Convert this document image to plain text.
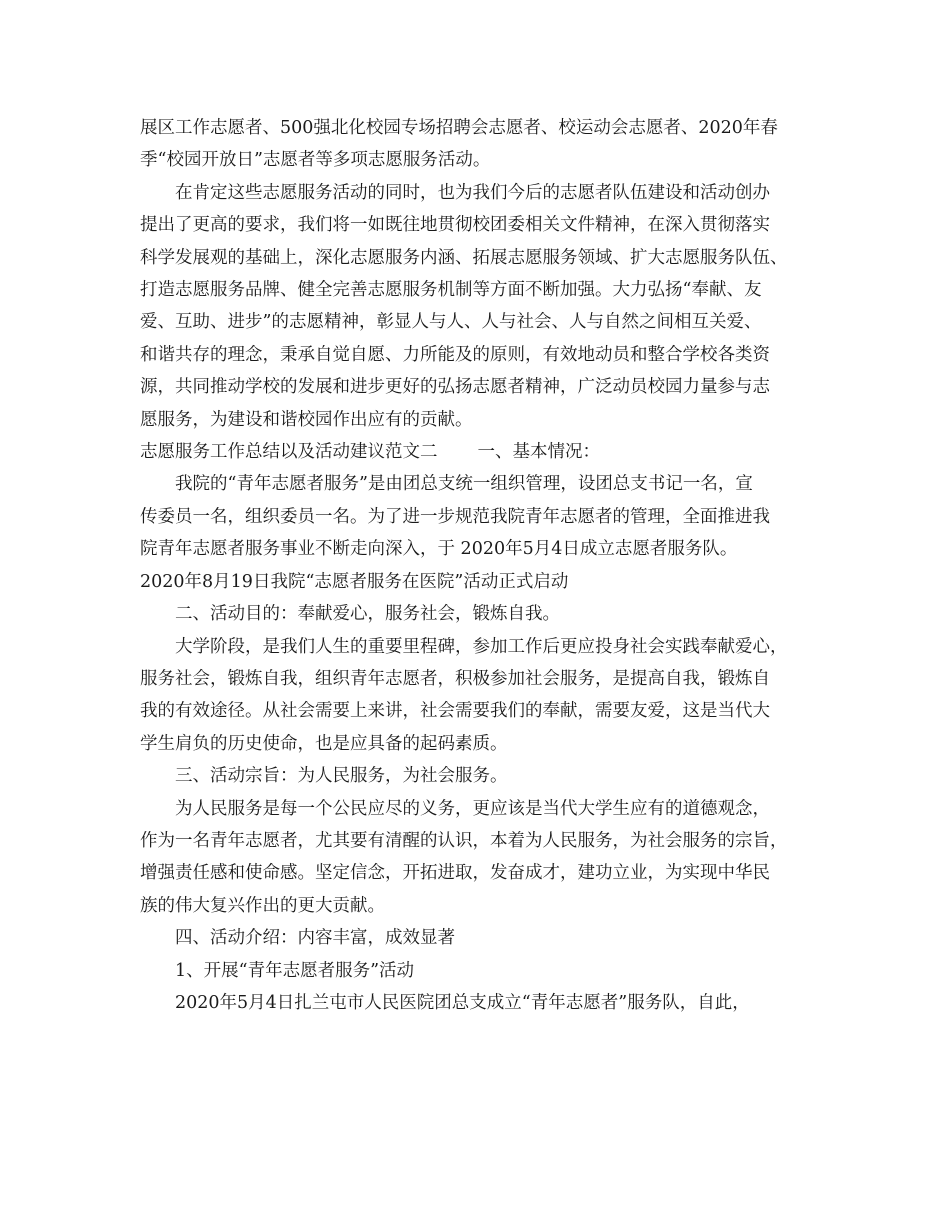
展区工作志愿者、500强北化校园专场招聘会志愿者、校运动会志愿者、2020年春

季“校园开放日”志愿者等多项志愿服务活动。

在肯定这些志愿服务活动的同时，也为我们今后的志愿者队伍建设和活动创办

提出了更高的要求，我们将一如既往地贯彻校团委相关文件精神，在深入贯彻落实

科学发展观的基础上，深化志愿服务内涵、拓展志愿服务领域、扩大志愿服务队伍、

打造志愿服务品牌、健全完善志愿服务机制等方面不断加强。大力弘扬“奉献、友

爱、互助、进步”的志愿精神，彰显人与人、人与社会、人与自然之间相互关爱、

和谐共存的理念，秉承自觉自愿、力所能及的原则，有效地动员和整合学校各类资

源，共同推动学校的发展和进步更好的弘扬志愿者精神，广泛动员校园力量参与志

愿服务，为建设和谐校园作出应有的贡献。

志愿服务工作总结以及活动建议范文二 一、基本情况：

我院的“青年志愿者服务”是由团总支统一组织管理，设团总支书记一名，宣

传委员一名，组织委员一名。为了进一步规范我院青年志愿者的管理，全面推进我

院青年志愿者服务事业不断走向深入，于 2020年5月4日成立志愿者服务队。

2020年8月19日我院“志愿者服务在医院”活动正式启动

二、活动目的：奉献爱心，服务社会，锻炼自我。

大学阶段，是我们人生的重要里程碑，参加工作后更应投身社会实践奉献爱心，

服务社会，锻炼自我，组织青年志愿者，积极参加社会服务，是提高自我，锻炼自

我的有效途径。从社会需要上来讲，社会需要我们的奉献，需要友爱，这是当代大

学生肩负的历史使命，也是应具备的起码素质。

三、活动宗旨：为人民服务，为社会服务。

为人民服务是每一个公民应尽的义务，更应该是当代大学生应有的道德观念，

作为一名青年志愿者，尤其要有清醒的认识，本着为人民服务，为社会服务的宗旨，

增强责任感和使命感。坚定信念，开拓进取，发奋成才，建功立业，为实现中华民

族的伟大复兴作出的更大贡献。

四、活动介绍：内容丰富，成效显著

1、开展“青年志愿者服务”活动

2020年5月4日扎兰屯市人民医院团总支成立“青年志愿者”服务队，自此，
